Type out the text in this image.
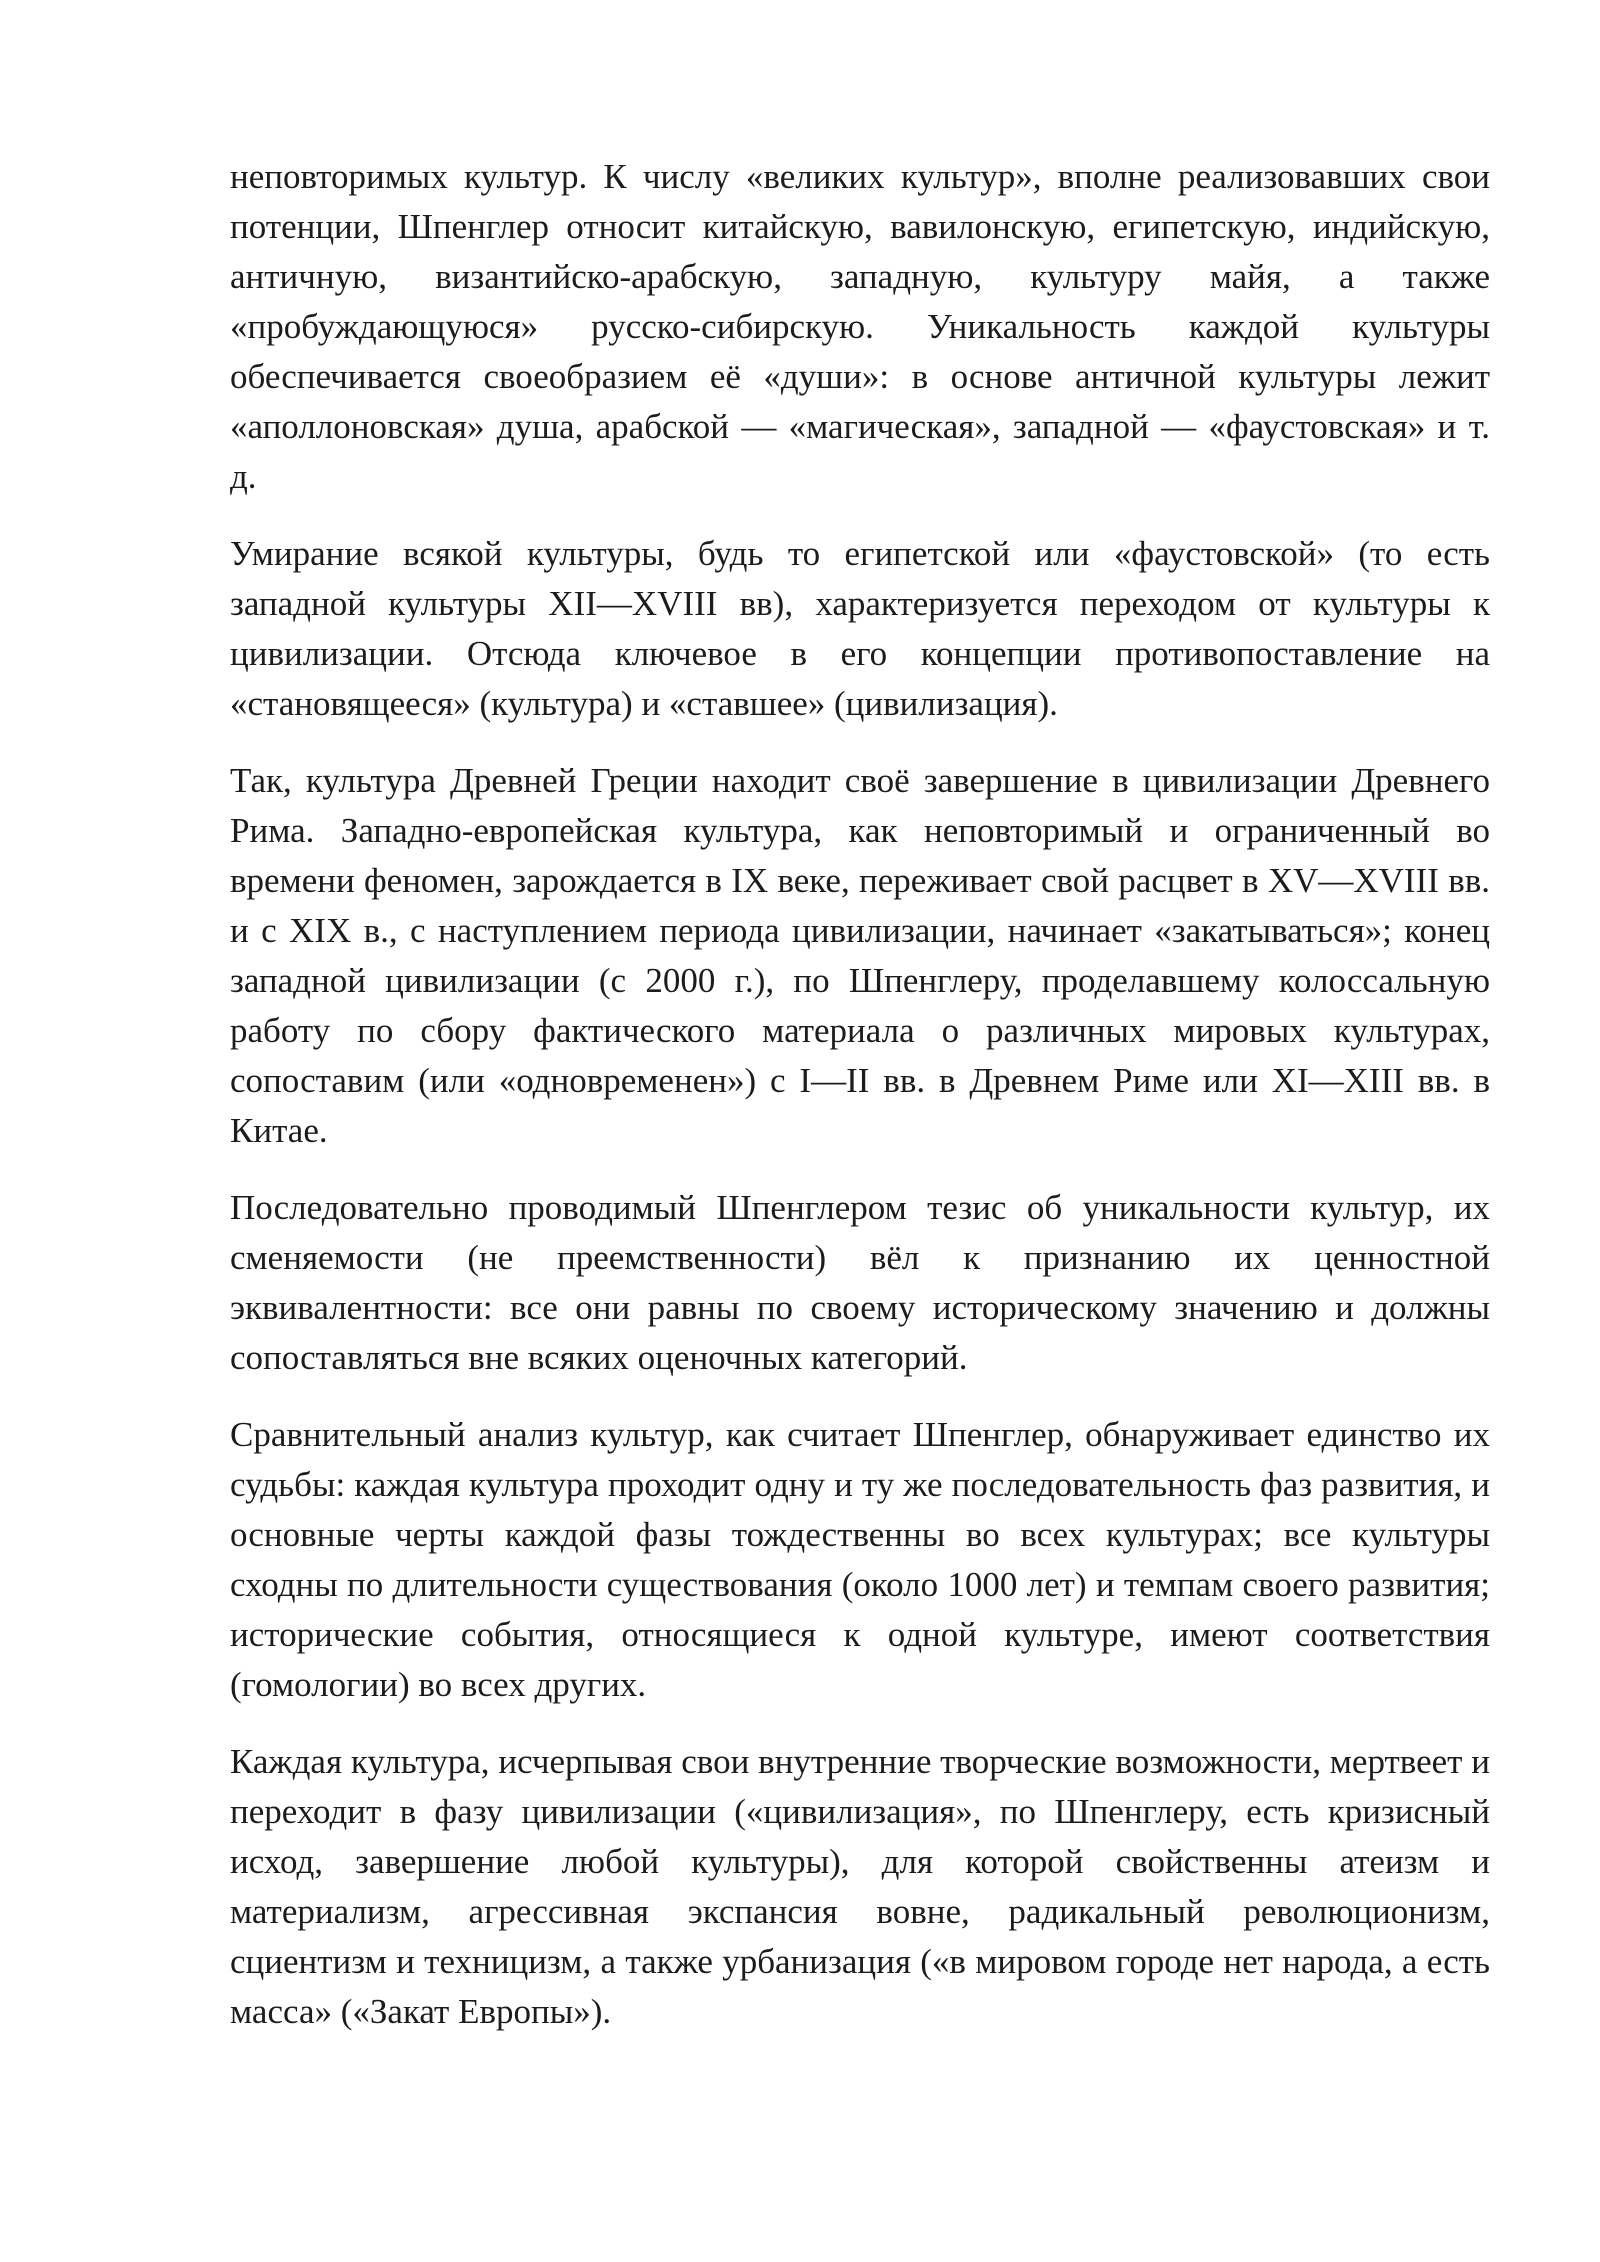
неповторимых культур. К числу «великих культур», вполне реализовавших свои потенции, Шпенглер относит китайскую, вавилонскую, египетскую, индийскую, античную, византийско-арабскую, западную, культуру майя, а также «пробуждающуюся» русско-сибирскую. Уникальность каждой культуры обеспечивается своеобразием её «души»: в основе античной культуры лежит «аполлоновская» душа, арабской — «магическая», западной — «фаустовская» и т. д.

Умирание всякой культуры, будь то египетской или «фаустовской» (то есть западной культуры XII—XVIII вв), характеризуется переходом от культуры к цивилизации. Отсюда ключевое в его концепции противопоставление на «становящееся» (культура) и «ставшее» (цивилизация).

Так, культура Древней Греции находит своё завершение в цивилизации Древнего Рима. Западно-европейская культура, как неповторимый и ограниченный во времени феномен, зарождается в IX веке, переживает свой расцвет в XV—XVIII вв. и с XIX в., с наступлением периода цивилизации, начинает «закатываться»; конец западной цивилизации (с 2000 г.), по Шпенглеру, проделавшему колоссальную работу по сбору фактического материала о различных мировых культурах, сопоставим (или «одновременен») с I—II вв. в Древнем Риме или XI—XIII вв. в Китае.

Последовательно проводимый Шпенглером тезис об уникальности культур, их сменяемости (не преемственности) вёл к признанию их ценностной эквивалентности: все они равны по своему историческому значению и должны сопоставляться вне всяких оценочных категорий.

Сравнительный анализ культур, как считает Шпенглер, обнаруживает единство их судьбы: каждая культура проходит одну и ту же последовательность фаз развития, и основные черты каждой фазы тождественны во всех культурах; все культуры сходны по длительности существования (около 1000 лет) и темпам своего развития; исторические события, относящиеся к одной культуре, имеют соответствия (гомологии) во всех других.

Каждая культура, исчерпывая свои внутренние творческие возможности, мертвеет и переходит в фазу цивилизации («цивилизация», по Шпенглеру, есть кризисный исход, завершение любой культуры), для которой свойственны атеизм и материализм, агрессивная экспансия вовне, радикальный революционизм, сциентизм и техницизм, а также урбанизация («в мировом городе нет народа, а есть масса» («Закат Европы»).
